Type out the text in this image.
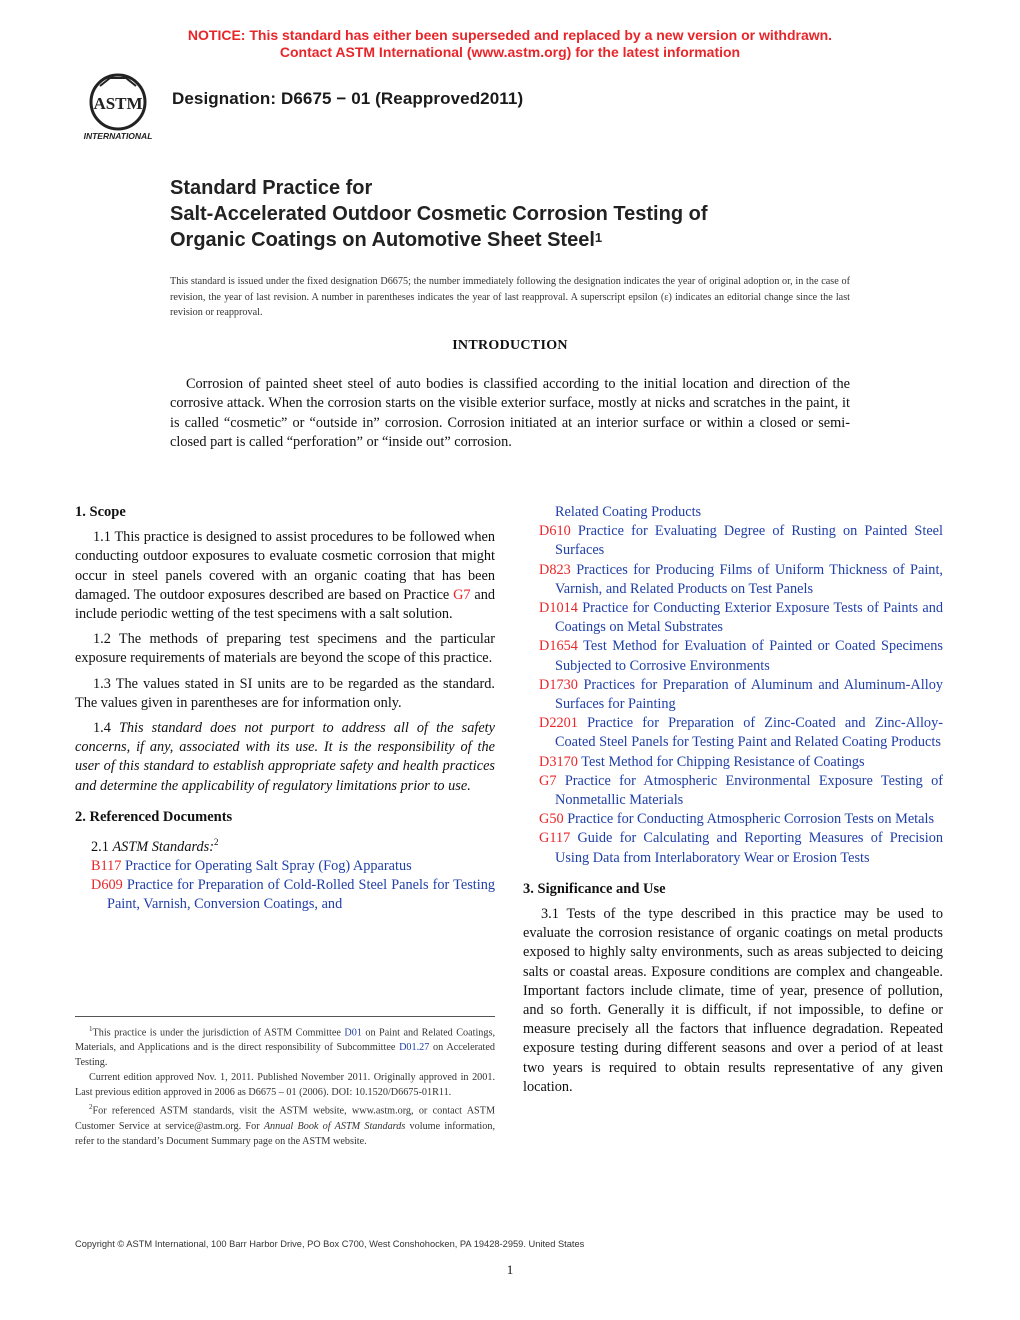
NOTICE: This standard has either been superseded and replaced by a new version or withdrawn.
Contact ASTM International (www.astm.org) for the latest information
ASTM
INTERNATIONAL
Designation: D6675 − 01 (Reapproved2011)
Standard Practice for
Salt-Accelerated Outdoor Cosmetic Corrosion Testing of
Organic Coatings on Automotive Sheet Steel$^1$
This standard is issued under the fixed designation D6675; the number immediately following the designation indicates the year of original adoption or, in the case of revision, the year of last revision. A number in parentheses indicates the year of last reapproval. A superscript epsilon (ε) indicates an editorial change since the last revision or reapproval.
INTRODUCTION
Corrosion of painted sheet steel of auto bodies is classified according to the initial location and direction of the corrosive attack. When the corrosion starts on the visible exterior surface, mostly at nicks and scratches in the paint, it is called “cosmetic” or “outside in” corrosion. Corrosion initiated at an interior surface or within a closed or semi-closed part is called “perforation” or “inside out” corrosion.
1. Scope

1.1 This practice is designed to assist procedures to be followed when conducting outdoor exposures to evaluate cosmetic corrosion that might occur in steel panels covered with an organic coating that has been damaged. The outdoor exposures described are based on Practice G7 and include periodic wetting of the test specimens with a salt solution.

1.2 The methods of preparing test specimens and the particular exposure requirements of materials are beyond the scope of this practice.

1.3 The values stated in SI units are to be regarded as the standard. The values given in parentheses are for information only.

1.4 This standard does not purport to address all of the safety concerns, if any, associated with its use. It is the responsibility of the user of this standard to establish appropriate safety and health practices and determine the applicability of regulatory limitations prior to use.

2. Referenced Documents

2.1 ASTM Standards:$^2$

B117 Practice for Operating Salt Spray (Fog) Apparatus

D609 Practice for Preparation of Cold-Rolled Steel Panels for Testing Paint, Varnish, Conversion Coatings, and

Related Coating Products

D610 Practice for Evaluating Degree of Rusting on Painted Steel Surfaces

D823 Practices for Producing Films of Uniform Thickness of Paint, Varnish, and Related Products on Test Panels

D1014 Practice for Conducting Exterior Exposure Tests of Paints and Coatings on Metal Substrates

D1654 Test Method for Evaluation of Painted or Coated Specimens Subjected to Corrosive Environments

D1730 Practices for Preparation of Aluminum and Aluminum-Alloy Surfaces for Painting

D2201 Practice for Preparation of Zinc-Coated and Zinc-Alloy-Coated Steel Panels for Testing Paint and Related Coating Products

D3170 Test Method for Chipping Resistance of Coatings

G7 Practice for Atmospheric Environmental Exposure Testing of Nonmetallic Materials

G50 Practice for Conducting Atmospheric Corrosion Tests on Metals

G117 Guide for Calculating and Reporting Measures of Precision Using Data from Interlaboratory Wear or Erosion Tests

3. Significance and Use

3.1 Tests of the type described in this practice may be used to evaluate the corrosion resistance of organic coatings on metal products exposed to highly salty environments, such as areas subjected to deicing salts or coastal areas. Exposure conditions are complex and changeable. Important factors include climate, time of year, presence of pollution, and so forth. Generally it is difficult, if not impossible, to define or measure precisely all the factors that influence degradation. Repeated exposure testing during different seasons and over a period of at least two years is required to obtain results representative of any given location.

$^1$This practice is under the jurisdiction of ASTM Committee D01 on Paint and Related Coatings, Materials, and Applications and is the direct responsibility of Subcommittee D01.27 on Accelerated Testing.

Current edition approved Nov. 1, 2011. Published November 2011. Originally approved in 2001. Last previous edition approved in 2006 as D6675 – 01 (2006). DOI: 10.1520/D6675-01R11.

$^2$For referenced ASTM standards, visit the ASTM website, www.astm.org, or contact ASTM Customer Service at service@astm.org. For Annual Book of ASTM Standards volume information, refer to the standard’s Document Summary page on the ASTM website.

Copyright © ASTM International, 100 Barr Harbor Drive, PO Box C700, West Conshohocken, PA 19428-2959. United States
1
